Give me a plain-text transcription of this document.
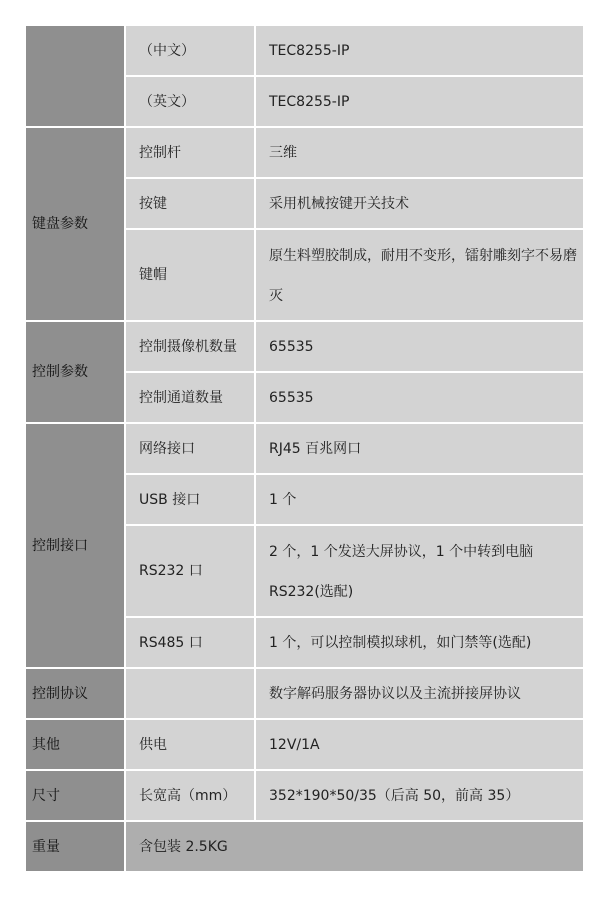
	（中文）	TEC8255-IP
	（英文）	TEC8255-IP
键盘参数	控制杆	三维
	按键	采用机械按键开关技术
	键帽	原生料塑胶制成，耐用不变形，镭射雕刻字不易磨灭
控制参数	控制摄像机数量	65535
	控制通道数量	65535
控制接口	网络接口	RJ45 百兆网口
	USB 接口	1 个
	RS232 口	2 个，1 个发送大屏协议，1 个中转到电脑 RS232(选配)
	RS485 口	1 个，可以控制模拟球机，如门禁等(选配)
控制协议		数字解码服务器协议以及主流拼接屏协议
其他	供电	12V/1A
尺寸	长宽高（mm）	352*190*50/35（后高 50，前高 35）
重量	含包装 2.5KG	
